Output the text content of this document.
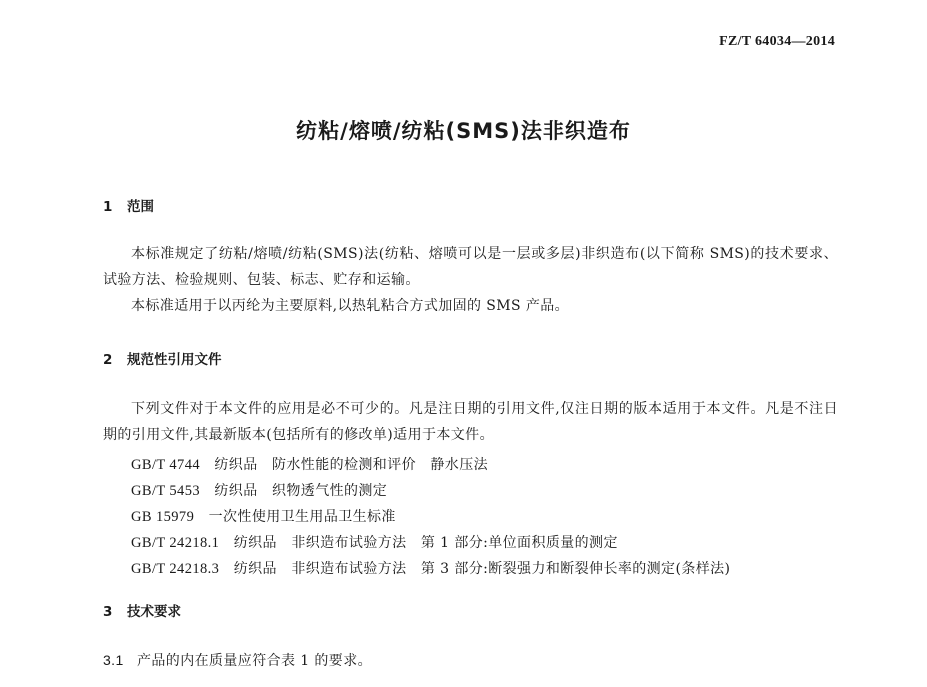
FZ/T 64034—2014
纺粘/熔喷/纺粘(SMS)法非织造布
1 范围
本标准规定了纺粘/熔喷/纺粘(SMS)法(纺粘、熔喷可以是一层或多层)非织造布(以下简称 SMS)的技术要求、试验方法、检验规则、包装、标志、贮存和运输。
本标准适用于以丙纶为主要原料,以热轧粘合方式加固的 SMS 产品。
2 规范性引用文件
下列文件对于本文件的应用是必不可少的。凡是注日期的引用文件,仅注日期的版本适用于本文件。凡是不注日期的引用文件,其最新版本(包括所有的修改单)适用于本文件。
GB/T 4744　 纺织品　防水性能的检测和评价　静水压法
GB/T 5453　 纺织品　织物透气性的测定
GB 15979　 一次性使用卫生用品卫生标准
GB/T 24218.1　 纺织品　非织造布试验方法　第 1 部分:单位面积质量的测定
GB/T 24218.3　 纺织品　非织造布试验方法　第 3 部分:断裂强力和断裂伸长率的测定(条样法)
3 技术要求
3.1 产品的内在质量应符合表 1 的要求。
